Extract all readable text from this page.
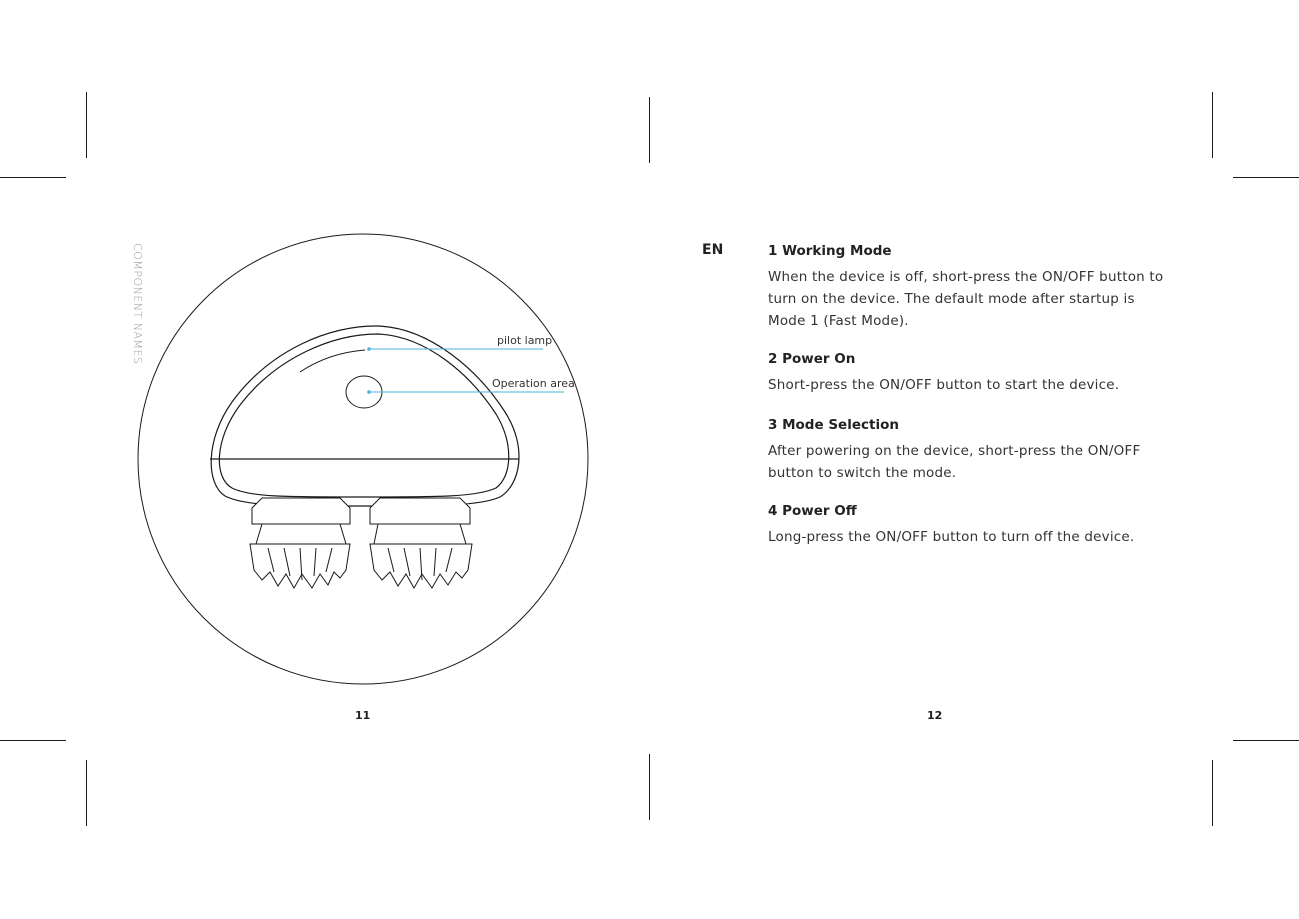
COMPONENT NAMES	pilot lamp
Operation area
11
EN	1 Working Mode

When the device is off, short-press the ON/OFF button to turn on the device. The default mode after startup is Mode 1 (Fast Mode).

2 Power On

Short-press the ON/OFF button to start the device.

3 Mode Selection

After powering on the device, short-press the ON/OFF button to switch the mode.

4 Power Off

Long-press the ON/OFF button to turn off the device.

12
